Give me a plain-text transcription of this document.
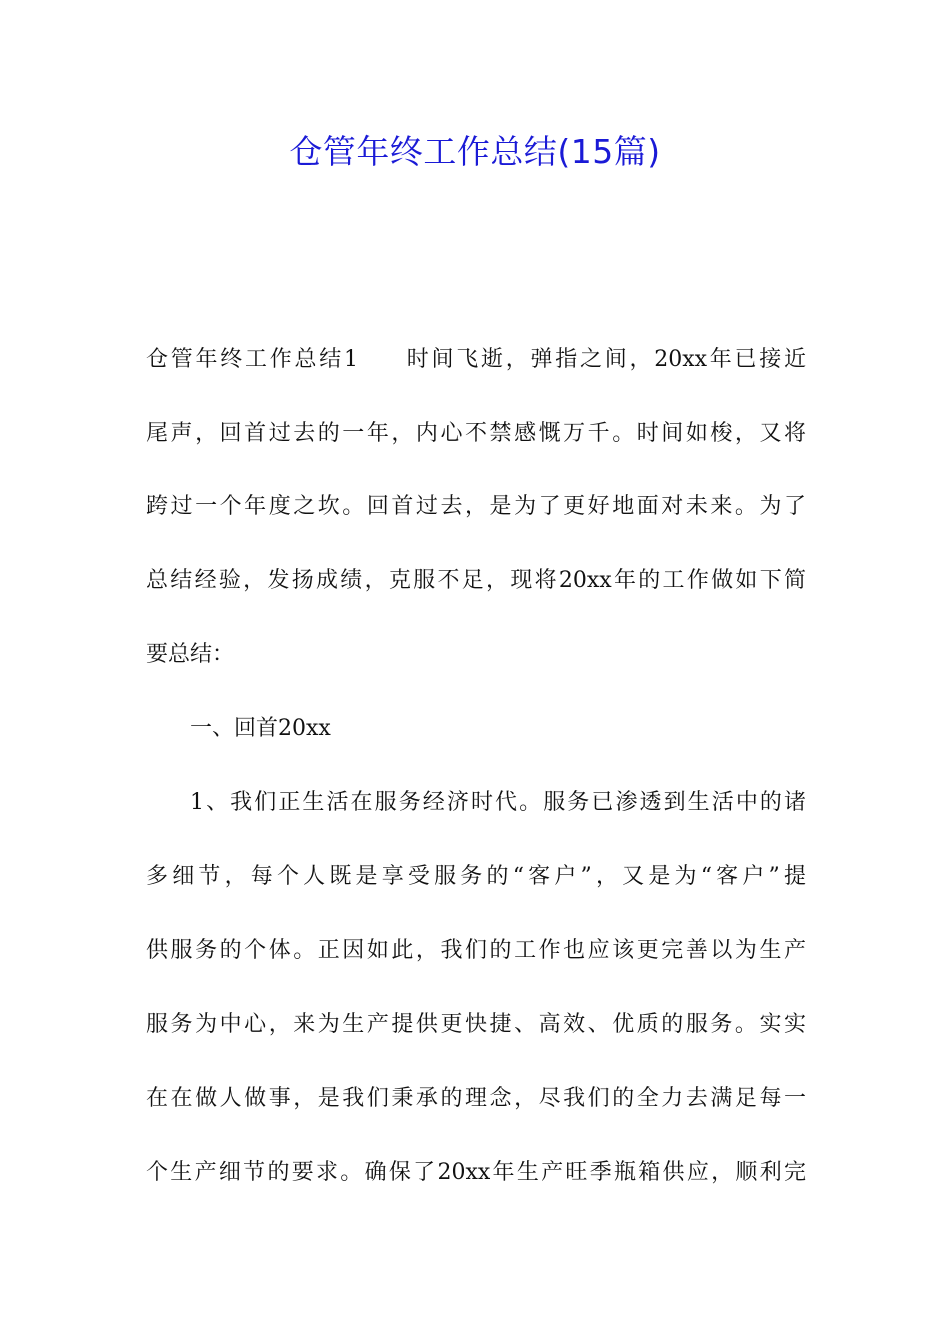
仓管年终工作总结(15篇)
仓管年终工作总结1 时间飞逝，弹指之间，20xx年已接近
尾声，回首过去的一年，内心不禁感慨万千。时间如梭，又将
跨过一个年度之坎。回首过去，是为了更好地面对未来。为了
总结经验，发扬成绩，克服不足，现将20xx年的工作做如下简
要总结：
一、回首20xx
1、我们正生活在服务经济时代。服务已渗透到生活中的诸
多细节，每个人既是享受服务的“客户”，又是为“客户”提
供服务的个体。正因如此，我们的工作也应该更完善以为生产
服务为中心，来为生产提供更快捷、高效、优质的服务。实实
在在做人做事，是我们秉承的理念，尽我们的全力去满足每一
个生产细节的要求。确保了20xx年生产旺季瓶箱供应，顺利完
